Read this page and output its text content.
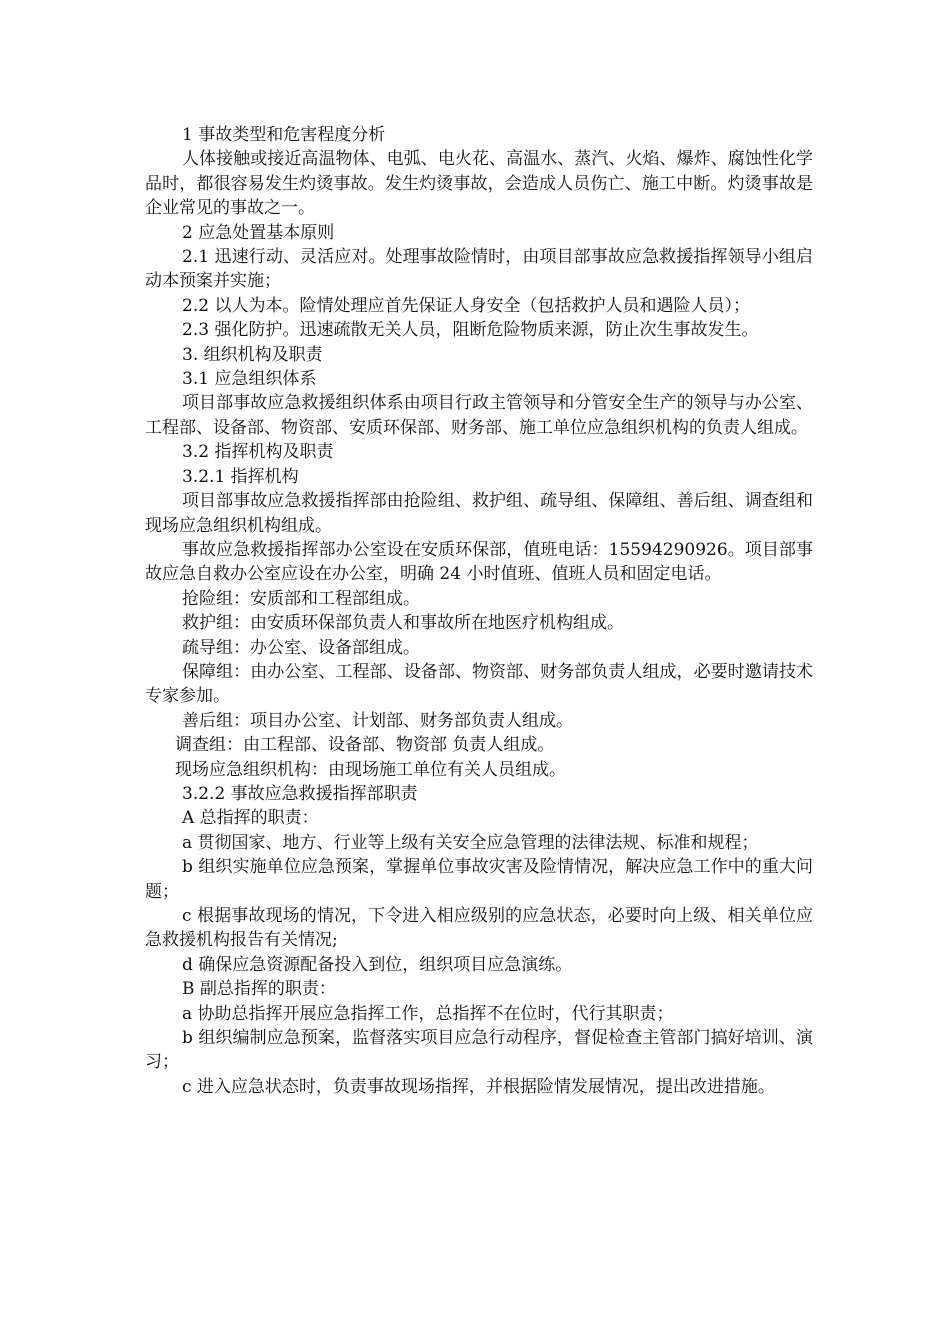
1 事故类型和危害程度分析

人体接触或接近高温物体、电弧、电火花、高温水、蒸汽、火焰、爆炸、腐蚀性化学品时，都很容易发生灼烫事故。发生灼烫事故，会造成人员伤亡、施工中断。灼烫事故是企业常见的事故之一。

2 应急处置基本原则

2.1 迅速行动、灵活应对。处理事故险情时，由项目部事故应急救援指挥领导小组启动本预案并实施；

2.2 以人为本。险情处理应首先保证人身安全（包括救护人员和遇险人员）；

2.3 强化防护。迅速疏散无关人员，阻断危险物质来源，防止次生事故发生。

3. 组织机构及职责

3.1 应急组织体系

项目部事故应急救援组织体系由项目行政主管领导和分管安全生产的领导与办公室、工程部、设备部、物资部、安质环保部、财务部、施工单位应急组织机构的负责人组成。

3.2 指挥机构及职责

3.2.1 指挥机构

项目部事故应急救援指挥部由抢险组、救护组、疏导组、保障组、善后组、调查组和现场应急组织机构组成。

事故应急救援指挥部办公室设在安质环保部，值班电话：15594290926。项目部事故应急自救办公室应设在办公室，明确 24 小时值班、值班人员和固定电话。

抢险组：安质部和工程部组成。

救护组：由安质环保部负责人和事故所在地医疗机构组成。

疏导组：办公室、设备部组成。

保障组：由办公室、工程部、设备部、物资部、财务部负责人组成，必要时邀请技术专家参加。

善后组：项目办公室、计划部、财务部负责人组成。

调查组：由工程部、设备部、物资部 负责人组成。

现场应急组织机构：由现场施工单位有关人员组成。

3.2.2 事故应急救援指挥部职责

A 总指挥的职责：

a 贯彻国家、地方、行业等上级有关安全应急管理的法律法规、标准和规程；

b 组织实施单位应急预案，掌握单位事故灾害及险情情况，解决应急工作中的重大问题；

c 根据事故现场的情况，下令进入相应级别的应急状态，必要时向上级、相关单位应急救援机构报告有关情况;

d 确保应急资源配备投入到位，组织项目应急演练。

B 副总指挥的职责：

a 协助总指挥开展应急指挥工作，总指挥不在位时，代行其职责；

b 组织编制应急预案，监督落实项目应急行动程序，督促检查主管部门搞好培训、演习；

c 进入应急状态时，负责事故现场指挥，并根据险情发展情况，提出改进措施。
